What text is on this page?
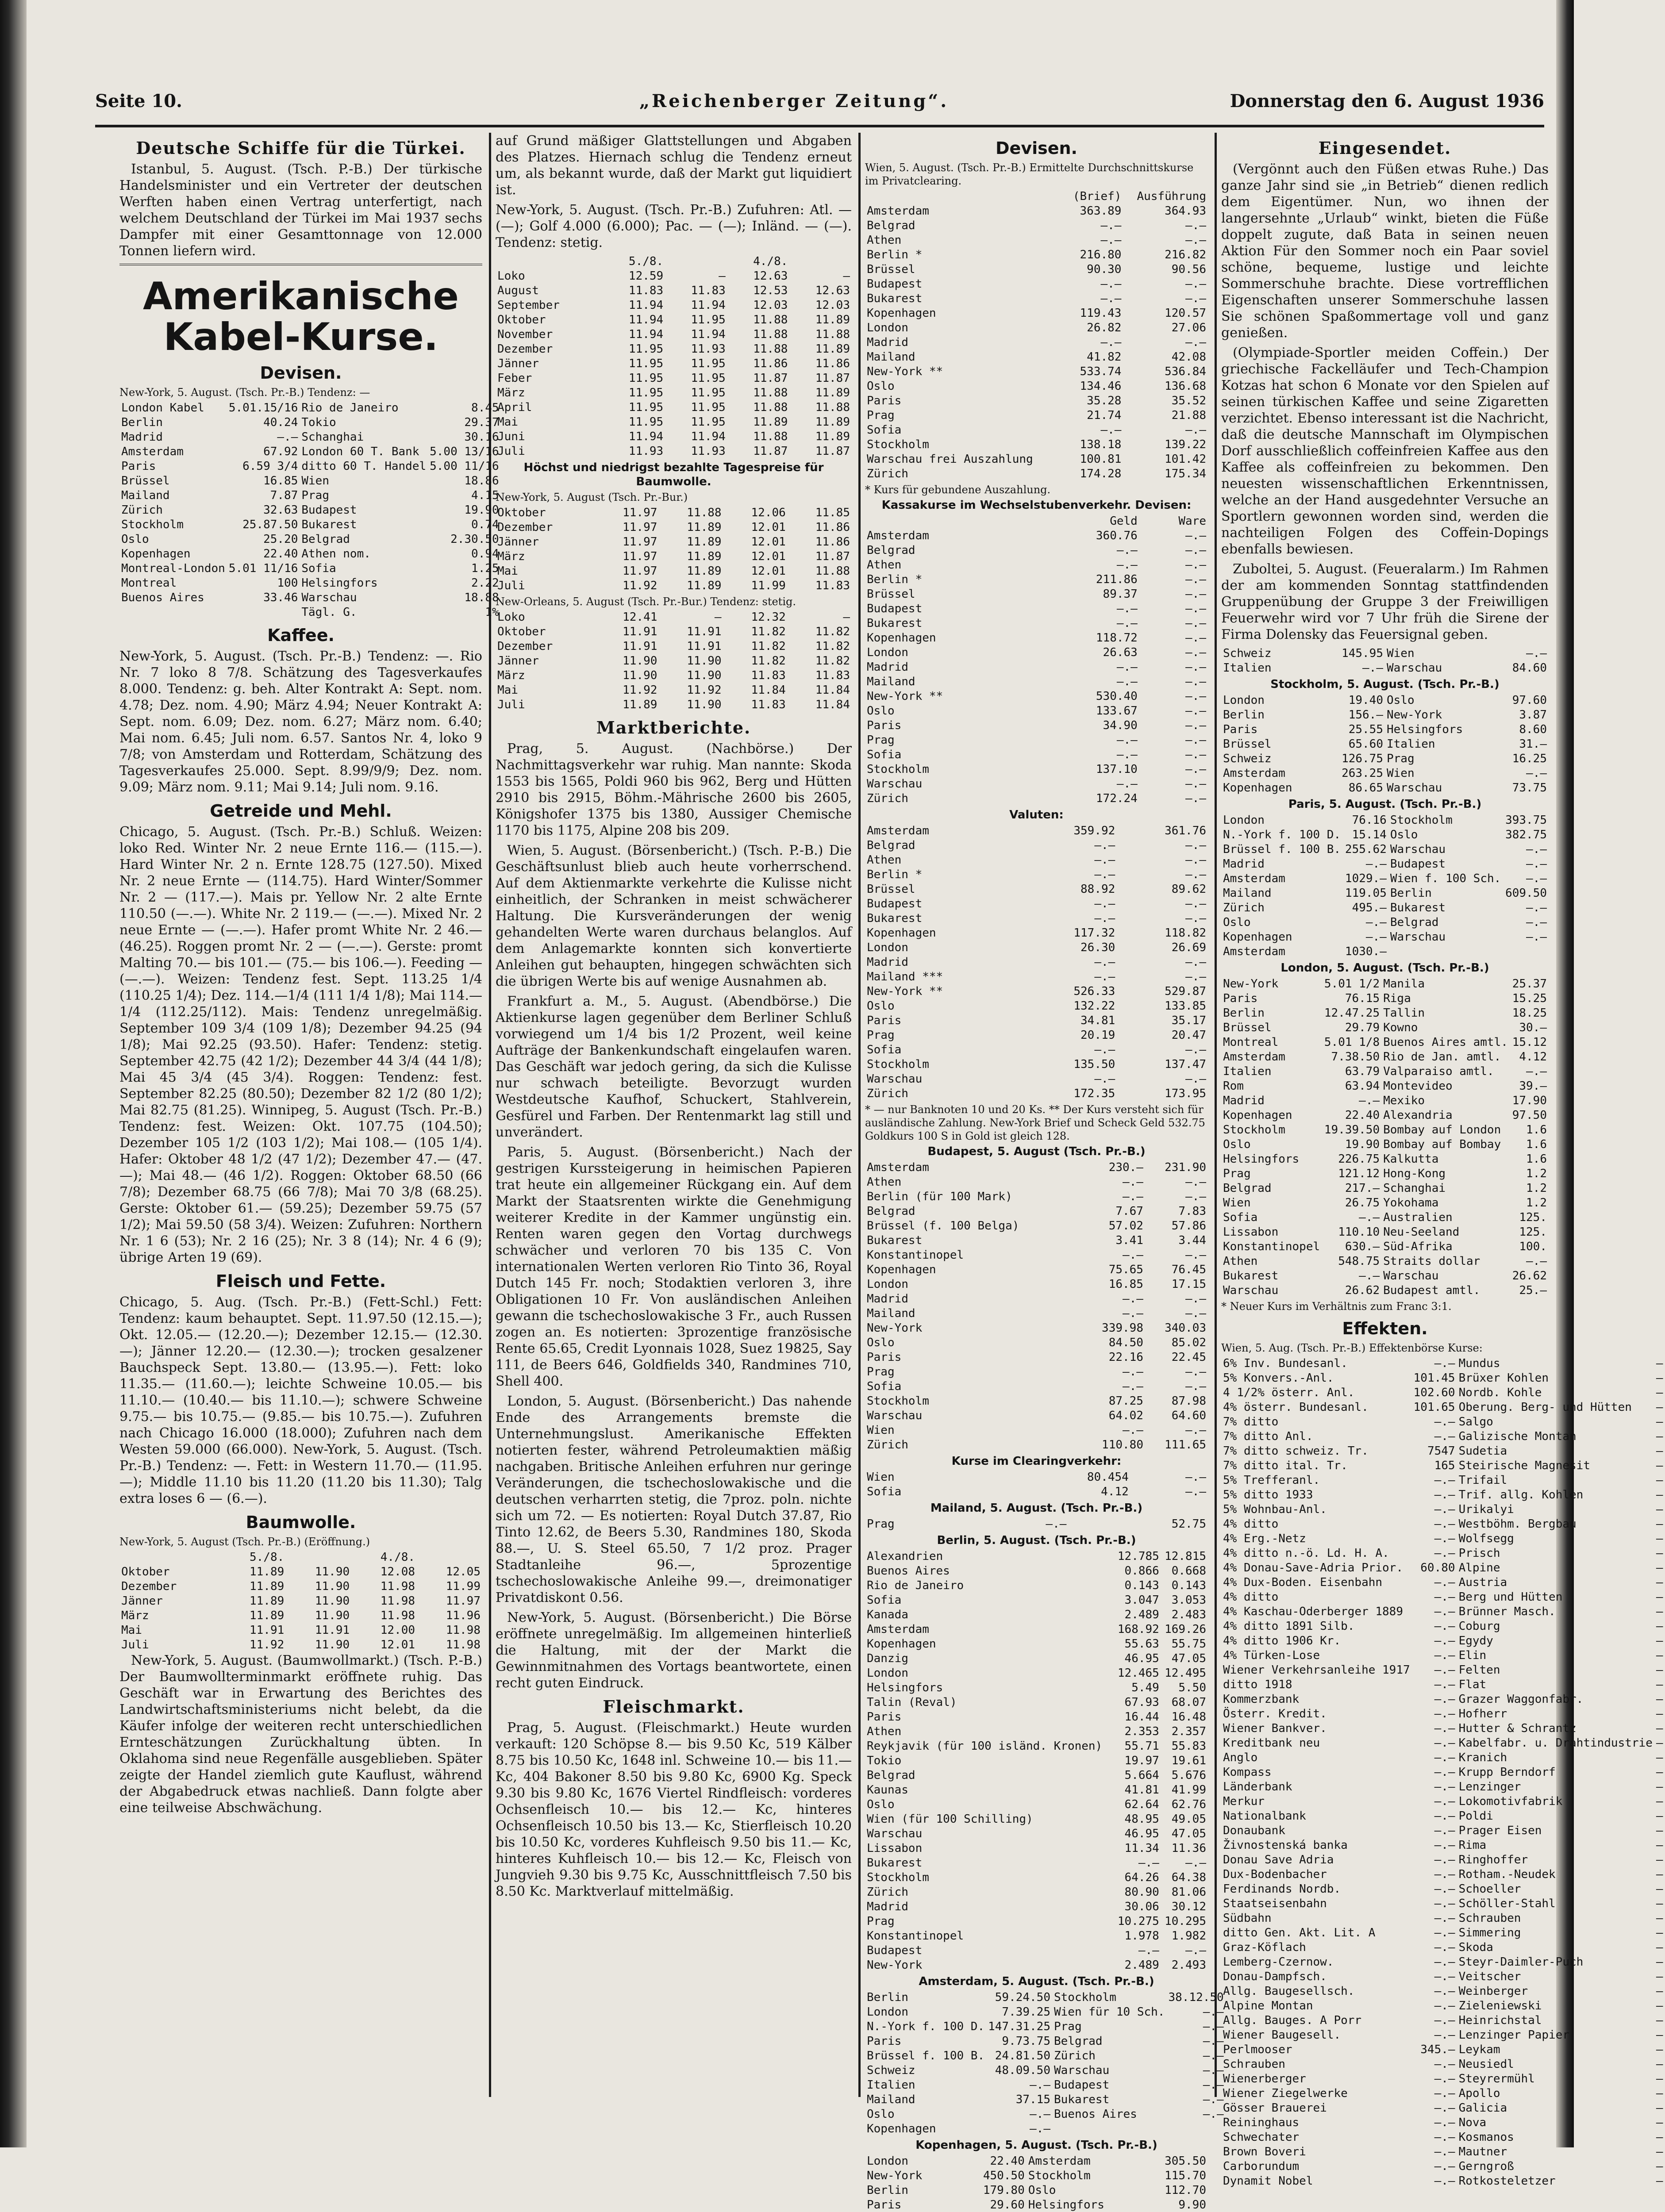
Seite 10.	„Reichenberger Zeitung“.	Donnerstag den 6. August 1936
Deutsche Schiffe für die Türkei.

Istanbul, 5. August. (Tsch. P.-B.) Der türkische Handelsminister und ein Vertreter der deutschen Werften haben einen Vertrag unterfertigt, nach welchem Deutschland der Türkei im Mai 1937 sechs Dampfer mit einer Gesamttonnage von 12.000 Tonnen liefern wird.

Amerikanische Kabel-Kurse.
Devisen.
New-York, 5. August. (Tsch. Pr.-B.) Tendenz: —
London Kabel	5.01.15/16	Rio de Janeiro	8.45
Berlin	40.24	Tokio	29.37
Madrid	—.—	Schanghai	30.16
Amsterdam	67.92	London 60 T. Bank	5.00 13/16
Paris	6.59 3/4	ditto 60 T. Handel	5.00 11/16
Brüssel	16.85	Wien	18.86
Mailand	7.87	Prag	4.15
Zürich	32.63	Budapest	19.90
Stockholm	25.87.50	Bukarest	0.74
Oslo	25.20	Belgrad	2.30.50
Kopenhagen	22.40	Athen nom.	0.94
Montreal-London	5.01 11/16	Sofia	1.25
Montreal	100	Helsingfors	2.22
Buenos Aires	33.46	Warschau	18.88
		Tägl. G.	1%
Kaffee.

New-York, 5. August. (Tsch. Pr.-B.) Tendenz: —. Rio Nr. 7 loko 8 7/8. Schätzung des Tagesverkaufes 8.000. Tendenz: g. beh. Alter Kontrakt A: Sept. nom. 4.78; Dez. nom. 4.90; März 4.94; Neuer Kontrakt A: Sept. nom. 6.09; Dez. nom. 6.27; März nom. 6.40; Mai nom. 6.45; Juli nom. 6.57. Santos Nr. 4, loko 9 7/8; von Amsterdam und Rotterdam, Schätzung des Tagesverkaufes 25.000. Sept. 8.99/9/9; Dez. nom. 9.09; März nom. 9.11; Mai 9.14; Juli nom. 9.16.

Getreide und Mehl.

Chicago, 5. August. (Tsch. Pr.-B.) Schluß. Weizen: loko Red. Winter Nr. 2 neue Ernte 116.— (115.—). Hard Winter Nr. 2 n. Ernte 128.75 (127.50). Mixed Nr. 2 neue Ernte — (114.75). Hard Winter/Sommer Nr. 2 — (117.—). Mais pr. Yellow Nr. 2 alte Ernte 110.50 (—.—). White Nr. 2 119.— (—.—). Mixed Nr. 2 neue Ernte — (—.—). Hafer promt White Nr. 2 46.— (46.25). Roggen promt Nr. 2 — (—.—). Gerste: promt Malting 70.— bis 101.— (75.— bis 106.—). Feeding — (—.—). Weizen: Tendenz fest. Sept. 113.25 1/4 (110.25 1/4); Dez. 114.—1/4 (111 1/4 1/8); Mai 114.—1/4 (112.25/112). Mais: Tendenz unregelmäßig. September 109 3/4 (109 1/8); Dezember 94.25 (94 1/8); Mai 92.25 (93.50). Hafer: Tendenz: stetig. September 42.75 (42 1/2); Dezember 44 3/4 (44 1/8); Mai 45 3/4 (45 3/4). Roggen: Tendenz: fest. September 82.25 (80.50); Dezember 82 1/2 (80 1/2); Mai 82.75 (81.25). Winnipeg, 5. August (Tsch. Pr.-B.) Tendenz: fest. Weizen: Okt. 107.75 (104.50); Dezember 105 1/2 (103 1/2); Mai 108.— (105 1/4). Hafer: Oktober 48 1/2 (47 1/2); Dezember 47.— (47.—); Mai 48.— (46 1/2). Roggen: Oktober 68.50 (66 7/8); Dezember 68.75 (66 7/8); Mai 70 3/8 (68.25). Gerste: Oktober 61.— (59.25); Dezember 59.75 (57 1/2); Mai 59.50 (58 3/4). Weizen: Zufuhren: Northern Nr. 1 6 (53); Nr. 2 16 (25); Nr. 3 8 (14); Nr. 4 6 (9); übrige Arten 19 (69).

Fleisch und Fette.

Chicago, 5. Aug. (Tsch. Pr.-B.) (Fett-Schl.) Fett: Tendenz: kaum behauptet. Sept. 11.97.50 (12.15.—); Okt. 12.05.— (12.20.—); Dezember 12.15.— (12.30.—); Jänner 12.20.— (12.30.—); trocken gesalzener Bauchspeck Sept. 13.80.— (13.95.—). Fett: loko 11.35.— (11.60.—); leichte Schweine 10.05.— bis 11.10.— (10.40.— bis 11.10.—); schwere Schweine 9.75.— bis 10.75.— (9.85.— bis 10.75.—). Zufuhren nach Chicago 16.000 (18.000); Zufuhren nach dem Westen 59.000 (66.000). New-York, 5. August. (Tsch. Pr.-B.) Tendenz: —. Fett: in Western 11.70.— (11.95.—); Middle 11.10 bis 11.20 (11.20 bis 11.30); Talg extra loses 6 — (6.—).

Baumwolle.
New-York, 5. August (Tsch. Pr.-B.) (Eröffnung.)
	5./8.		4./8.	
Oktober	11.89	11.90	12.08	12.05
Dezember	11.89	11.90	11.98	11.99
Jänner	11.89	11.90	11.98	11.97
März	11.89	11.90	11.98	11.96
Mai	11.91	11.91	12.00	11.98
Juli	11.92	11.90	12.01	11.98

New-York, 5. August. (Baumwollmarkt.) (Tsch. P.-B.) Der Baumwollterminmarkt eröffnete ruhig. Das Geschäft war in Erwartung des Berichtes des Landwirtschaftsministeriums nicht belebt, da die Käufer infolge der weiteren recht unterschiedlichen Ernteschätzungen Zurückhaltung übten. In Oklahoma sind neue Regenfälle ausgeblieben. Später zeigte der Handel ziemlich gute Kauflust, während der Abgabedruck etwas nachließ. Dann folgte aber eine teilweise Abschwächung.

auf Grund mäßiger Glattstellungen und Abgaben des Platzes. Hiernach schlug die Tendenz erneut um, als bekannt wurde, daß der Markt gut liquidiert ist.

New-York, 5. August. (Tsch. Pr.-B.) Zufuhren: Atl. — (—); Golf 4.000 (6.000); Pac. — (—); Inländ. — (—). Tendenz: stetig.

	5./8.		4./8.	
Loko	12.59	—	12.63	—
August	11.83	11.83	12.53	12.63
September	11.94	11.94	12.03	12.03
Oktober	11.94	11.95	11.88	11.89
November	11.94	11.94	11.88	11.88
Dezember	11.95	11.93	11.88	11.89
Jänner	11.95	11.95	11.86	11.86
Feber	11.95	11.95	11.87	11.87
März	11.95	11.95	11.88	11.89
April	11.95	11.95	11.88	11.88
Mai	11.95	11.95	11.89	11.89
Juni	11.94	11.94	11.88	11.89
Juli	11.93	11.93	11.87	11.87
Höchst und niedrigst bezahlte Tagespreise für Baumwolle.
New-York, 5. August (Tsch. Pr.-Bur.)
Oktober	11.97	11.88	12.06	11.85
Dezember	11.97	11.89	12.01	11.86
Jänner	11.97	11.89	12.01	11.86
März	11.97	11.89	12.01	11.87
Mai	11.97	11.89	12.01	11.88
Juli	11.92	11.89	11.99	11.83
New-Orleans, 5. August (Tsch. Pr.-Bur.) Tendenz: stetig.
Loko	12.41	—	12.32	—
Oktober	11.91	11.91	11.82	11.82
Dezember	11.91	11.91	11.82	11.82
Jänner	11.90	11.90	11.82	11.82
März	11.90	11.90	11.83	11.83
Mai	11.92	11.92	11.84	11.84
Juli	11.89	11.90	11.83	11.84
Marktberichte.

Prag, 5. August. (Nachbörse.) Der Nachmittagsverkehr war ruhig. Man nannte: Skoda 1553 bis 1565, Poldi 960 bis 962, Berg und Hütten 2910 bis 2915, Böhm.-Mährische 2600 bis 2605, Königshofer 1375 bis 1380, Aussiger Chemische 1170 bis 1175, Alpine 208 bis 209.

Wien, 5. August. (Börsenbericht.) (Tsch. P.-B.) Die Geschäftsunlust blieb auch heute vorherrschend. Auf dem Aktienmarkte verkehrte die Kulisse nicht einheitlich, der Schranken in meist schwächerer Haltung. Die Kursveränderungen der wenig gehandelten Werte waren durchaus belanglos. Auf dem Anlagemarkte konnten sich konvertierte Anleihen gut behaupten, hingegen schwächten sich die übrigen Werte bis auf wenige Ausnahmen ab.

Frankfurt a. M., 5. August. (Abendbörse.) Die Aktienkurse lagen gegenüber dem Berliner Schluß vorwiegend um 1/4 bis 1/2 Prozent, weil keine Aufträge der Bankenkundschaft eingelaufen waren. Das Geschäft war jedoch gering, da sich die Kulisse nur schwach beteiligte. Bevorzugt wurden Westdeutsche Kaufhof, Schuckert, Stahlverein, Gesfürel und Farben. Der Rentenmarkt lag still und unverändert.

Paris, 5. August. (Börsenbericht.) Nach der gestrigen Kurssteigerung in heimischen Papieren trat heute ein allgemeiner Rückgang ein. Auf dem Markt der Staatsrenten wirkte die Genehmigung weiterer Kredite in der Kammer ungünstig ein. Renten waren gegen den Vortag durchwegs schwächer und verloren 70 bis 135 C. Von internationalen Werten verloren Rio Tinto 36, Royal Dutch 145 Fr. noch; Stodaktien verloren 3, ihre Obligationen 10 Fr. Von ausländischen Anleihen gewann die tschechoslowakische 3 Fr., auch Russen zogen an. Es notierten: 3prozentige französische Rente 65.65, Credit Lyonnais 1028, Suez 19825, Say 111, de Beers 646, Goldfields 340, Randmines 710, Shell 400.

London, 5. August. (Börsenbericht.) Das nahende Ende des Arrangements bremste die Unternehmungslust. Amerikanische Effekten notierten fester, während Petroleumaktien mäßig nachgaben. Britische Anleihen erfuhren nur geringe Veränderungen, die tschechoslowakische und die deutschen verharrten stetig, die 7proz. poln. nichte sich um 72. — Es notierten: Royal Dutch 37.87, Rio Tinto 12.62, de Beers 5.30, Randmines 180, Skoda 88.—, U. S. Steel 65.50, 7 1/2 proz. Prager Stadtanleihe 96.—, 5prozentige tschechoslowakische Anleihe 99.—, dreimonatiger Privatdiskont 0.56.

New-York, 5. August. (Börsenbericht.) Die Börse eröffnete unregelmäßig. Im allgemeinen hinterließ die Haltung, mit der der Markt die Gewinnmitnahmen des Vortags beantwortete, einen recht guten Eindruck.

Fleischmarkt.

Prag, 5. August. (Fleischmarkt.) Heute wurden verkauft: 120 Schöpse 8.— bis 9.50 Kc, 519 Kälber 8.75 bis 10.50 Kc, 1648 inl. Schweine 10.— bis 11.— Kc, 404 Bakoner 8.50 bis 9.80 Kc, 6900 Kg. Speck 9.30 bis 9.80 Kc, 1676 Viertel Rindfleisch: vorderes Ochsenfleisch 10.— bis 12.— Kc, hinteres Ochsenfleisch 10.50 bis 13.— Kc, Stierfleisch 10.20 bis 10.50 Kc, vorderes Kuhfleisch 9.50 bis 11.— Kc, hinteres Kuhfleisch 10.— bis 12.— Kc, Fleisch von Jungvieh 9.30 bis 9.75 Kc, Ausschnittfleisch 7.50 bis 8.50 Kc. Marktverlauf mittelmäßig.

Devisen.
Wien, 5. August. (Tsch. Pr.-B.) Ermittelte Durchschnittskurse im Privatclearing.
	(Brief)	Ausführung
Amsterdam	363.89	364.93
Belgrad	—.—	—.—
Athen	—.—	—.—
Berlin *	216.80	216.82
Brüssel	90.30	90.56
Budapest	—.—	—.—
Bukarest	—.—	—.—
Kopenhagen	119.43	120.57
London	26.82	27.06
Madrid	—.—	—.—
Mailand	41.82	42.08
New-York **	533.74	536.84
Oslo	134.46	136.68
Paris	35.28	35.52
Prag	21.74	21.88
Sofia	—.—	—.—
Stockholm	138.18	139.22
Warschau frei Auszahlung	100.81	101.42
Zürich	174.28	175.34
* Kurs für gebundene Auszahlung.
Kassakurse im Wechselstubenverkehr. Devisen:
	Geld	Ware
Amsterdam	360.76	—.—
Belgrad	—.—	—.—
Athen	—.—	—.—
Berlin *	211.86	—.—
Brüssel	89.37	—.—
Budapest	—.—	—.—
Bukarest	—.—	—.—
Kopenhagen	118.72	—.—
London	26.63	—.—
Madrid	—.—	—.—
Mailand	—.—	—.—
New-York **	530.40	—.—
Oslo	133.67	—.—
Paris	34.90	—.—
Prag	—.—	—.—
Sofia	—.—	—.—
Stockholm	137.10	—.—
Warschau	—.—	—.—
Zürich	172.24	—.—
Valuten:
Amsterdam	359.92	361.76
Belgrad	—.—	—.—
Athen	—.—	—.—
Berlin *	—.—	—.—
Brüssel	88.92	89.62
Budapest	—.—	—.—
Bukarest	—.—	—.—
Kopenhagen	117.32	118.82
London	26.30	26.69
Madrid	—.—	—.—
Mailand ***	—.—	—.—
New-York **	526.33	529.87
Oslo	132.22	133.85
Paris	34.81	35.17
Prag	20.19	20.47
Sofia	—.—	—.—
Stockholm	135.50	137.47
Warschau	—.—	—.—
Zürich	172.35	173.95
* — nur Banknoten 10 und 20 Ks. ** Der Kurs versteht sich für ausländische Zahlung. New-York Brief und Scheck Geld 532.75 Goldkurs 100 S in Gold ist gleich 128.
Budapest, 5. August (Tsch. Pr.-B.)
Amsterdam	230.—	231.90
Athen	—.—	—.—
Berlin (für 100 Mark)	—.—	—.—
Belgrad	7.67	7.83
Brüssel (f. 100 Belga)	57.02	57.86
Bukarest	3.41	3.44
Konstantinopel	—.—	—.—
Kopenhagen	75.65	76.45
London	16.85	17.15
Madrid	—.—	—.—
Mailand	—.—	—.—
New-York	339.98	340.03
Oslo	84.50	85.02
Paris	22.16	22.45
Prag	—.—	—.—
Sofia	—.—	—.—
Stockholm	87.25	87.98
Warschau	64.02	64.60
Wien	—.—	—.—
Zürich	110.80	111.65
Kurse im Clearingverkehr:
Wien	80.454	—.—
Sofia	4.12	—.—
Mailand, 5. August. (Tsch. Pr.-B.)
Prag	—.—	52.75
Berlin, 5. August. (Tsch. Pr.-B.)
Alexandrien	12.785	12.815
Buenos Aires	0.866	0.668
Rio de Janeiro	0.143	0.143
Sofia	3.047	3.053
Kanada	2.489	2.483
Amsterdam	168.92	169.26
Kopenhagen	55.63	55.75
Danzig	46.95	47.05
London	12.465	12.495
Helsingfors	5.49	5.50
Talin (Reval)	67.93	68.07
Paris	16.44	16.48
Athen	2.353	2.357
Reykjavik (für 100 isländ. Kronen)	55.71	55.83
Tokio	19.97	19.61
Belgrad	5.664	5.676
Kaunas	41.81	41.99
Oslo	62.64	62.76
Wien (für 100 Schilling)	48.95	49.05
Warschau	46.95	47.05
Lissabon	11.34	11.36
Bukarest	—.—	—.—
Stockholm	64.26	64.38
Zürich	80.90	81.06
Madrid	30.06	30.12
Prag	10.275	10.295
Konstantinopel	1.978	1.982
Budapest	—.—	—.—
New-York	2.489	2.493
Amsterdam, 5. August. (Tsch. Pr.-B.)
Berlin	59.24.50	Stockholm	38.12.50
London	7.39.25	Wien für 10 Sch.	—.—
N.-York f. 100 D.	147.31.25	Prag	—.—
Paris	9.73.75	Belgrad	—.—
Brüssel f. 100 B.	24.81.50	Zürich	—.—
Schweiz	48.09.50	Warschau	—.—
Italien	—.—	Budapest	—.—
Mailand	37.15	Bukarest	—.—
Oslo	—.—	Buenos Aires	—.—
Kopenhagen	—.—		
Kopenhagen, 5. August. (Tsch. Pr.-B.)
London	22.40	Amsterdam	305.50
New-York	450.50	Stockholm	115.70
Berlin	179.80	Oslo	112.70
Paris	29.60	Helsingfors	9.90

Eingesendet.

(Vergönnt auch den Füßen etwas Ruhe.) Das ganze Jahr sind sie „in Betrieb“ dienen redlich dem Eigentümer. Nun, wo ihnen der langersehnte „Urlaub“ winkt, bieten die Füße doppelt zugute, daß Bata in seinen neuen Aktion Für den Sommer noch ein Paar soviel schöne, bequeme, lustige und leichte Sommerschuhe brachte. Diese vortrefflichen Eigenschaften unserer Sommerschuhe lassen Sie schönen Spaßommertage voll und ganz genießen.

(Olympiade-Sportler meiden Coffein.) Der griechische Fackelläufer und Tech-Champion Kotzas hat schon 6 Monate vor den Spielen auf seinen türkischen Kaffee und seine Zigaretten verzichtet. Ebenso interessant ist die Nachricht, daß die deutsche Mannschaft im Olympischen Dorf ausschließlich coffeinfreien Kaffee aus den Kaffee als coffeinfreien zu bekommen. Den neuesten wissenschaftlichen Erkenntnissen, welche an der Hand ausgedehnter Versuche an Sportlern gewonnen worden sind, werden die nachteiligen Folgen des Coffein-Dopings ebenfalls bewiesen.

Zuboltei, 5. August. (Feueralarm.) Im Rahmen der am kommenden Sonntag stattfindenden Gruppenübung der Gruppe 3 der Freiwilligen Feuerwehr wird vor 7 Uhr früh die Sirene der Firma Dolensky das Feuersignal geben.

Schweiz	145.95	Wien	—.—
Italien	—.—	Warschau	84.60
Stockholm, 5. August. (Tsch. Pr.-B.)
London	19.40	Oslo	97.60
Berlin	156.—	New-York	3.87
Paris	25.55	Helsingfors	8.60
Brüssel	65.60	Italien	31.—
Schweiz	126.75	Prag	16.25
Amsterdam	263.25	Wien	—.—
Kopenhagen	86.65	Warschau	73.75
Paris, 5. August. (Tsch. Pr.-B.)
London	76.16	Stockholm	393.75
N.-York f. 100 D.	15.14	Oslo	382.75
Brüssel f. 100 B.	255.62	Warschau	—.—
Madrid	—.—	Budapest	—.—
Amsterdam	1029.—	Wien f. 100 Sch.	—.—
Mailand	119.05	Berlin	609.50
Zürich	495.—	Bukarest	—.—
Oslo	—.—	Belgrad	—.—
Kopenhagen	—.—	Warschau	—.—
Amsterdam	1030.—		
London, 5. August. (Tsch. Pr.-B.)
New-York	5.01 1/2	Manila	25.37
Paris	76.15	Riga	15.25
Berlin	12.47.25	Tallin	18.25
Brüssel	29.79	Kowno	30.—
Montreal	5.01 1/8	Buenos Aires amtl.	15.12
Amsterdam	7.38.50	Rio de Jan. amtl.	4.12
Italien	63.79	Valparaiso amtl.	—.—
Rom	63.94	Montevideo	39.—
Madrid	—.—	Mexiko	17.90
Kopenhagen	22.40	Alexandria	97.50
Stockholm	19.39.50	Bombay auf London	1.6
Oslo	19.90	Bombay auf Bombay	1.6
Helsingfors	226.75	Kalkutta	1.6
Prag	121.12	Hong-Kong	1.2
Belgrad	217.—	Schanghai	1.2
Wien	26.75	Yokohama	1.2
Sofia	—.—	Australien	125.
Lissabon	110.10	Neu-Seeland	125.
Konstantinopel	630.—	Süd-Afrika	100.
Athen	548.75	Straits dollar	—.—
Bukarest	—.—	Warschau	26.62
Warschau	26.62	Budapest amtl.	25.—
* Neuer Kurs im Verhältnis zum Franc 3:1.
Effekten.
Wien, 5. Aug. (Tsch. Pr.-B.) Effektenbörse Kurse:
6% Inv. Bundesanl.	—.—	Mundus	—
5% Konvers.-Anl.	101.45	Brüxer Kohlen	—
4 1/2% österr. Anl.	102.60	Nordb. Kohle	—
4% österr. Bundesanl.	101.65	Oberung. Berg- und Hütten	—
7% ditto	—.—	Salgo	—
7% ditto Anl.	—.—	Galizische Montan	—
7% ditto schweiz. Tr.	7547	Sudetia	—
7% ditto ital. Tr.	165	Steirische Magnesit	—
5% Trefferanl.	—.—	Trifail	—
5% ditto 1933	—.—	Trif. allg. Kohlen	—
5% Wohnbau-Anl.	—.—	Urikalyi	—
4% ditto	—.—	Westböhm. Bergbau	—
4% Erg.-Netz	—.—	Wolfsegg	—
4% ditto n.-ö. Ld. H. A.	—.—	Prisch	—
4% Donau-Save-Adria Prior.	60.80	Alpine	—
4% Dux-Boden. Eisenbahn	—.—	Austria	—
4% ditto	—.—	Berg und Hütten	—
4% Kaschau-Oderberger 1889	—.—	Brünner Masch.	—
4% ditto 1891 Silb.	—.—	Coburg	—
4% ditto 1906 Kr.	—.—	Egydy	—
4% Türken-Lose	—.—	Elin	—
Wiener Verkehrsanleihe 1917	—.—	Felten	—
ditto 1918	—.—	Flat	—
Kommerzbank	—.—	Grazer Waggonfabr.	—
Österr. Kredit.	—.—	Hofherr	—
Wiener Bankver.	—.—	Hutter & Schrantz	—
Kreditbank neu	—.—	Kabelfabr. u. Drahtindustrie	—
Anglo	—.—	Kranich	—
Kompass	—.—	Krupp Berndorf	—
Länderbank	—.—	Lenzinger	—
Merkur	—.—	Lokomotivfabrik	—
Nationalbank	—.—	Poldi	—
Donaubank	—.—	Prager Eisen	—
Živnostenská banka	—.—	Rima	—
Donau Save Adria	—.—	Ringhoffer	—
Dux-Bodenbacher	—.—	Rotham.-Neudek	—
Ferdinands Nordb.	—.—	Schoeller	—
Staatseisenbahn	—.—	Schöller-Stahl	—
Südbahn	—.—	Schrauben	—
ditto Gen. Akt. Lit. A	—.—	Simmering	—
Graz-Köflach	—.—	Skoda	—
Lemberg-Czernow.	—.—	Steyr-Daimler-Puch	—
Donau-Dampfsch.	—.—	Veitscher	—
Allg. Baugesellsch.	—.—	Weinberger	—
Alpine Montan	—.—	Zieleniewski	—
Allg. Bauges. A Porr	—.—	Heinrichstal	—
Wiener Baugesell.	—.—	Lenzinger Papier	—
Perlmooser	345.—	Leykam	—
Schrauben	—.—	Neusiedl	—
Wienerberger	—.—	Steyrermühl	—
Wiener Ziegelwerke	—.—	Apollo	—
Gösser Brauerei	—.—	Galicia	—
Reininghaus	—.—	Nova	—
Schwechater	—.—	Kosmanos	—
Brown Boveri	—.—	Mautner	—
Carborundum	—.—	Gerngroß	—
Dynamit Nobel	—.—	Rotkosteletzer	—
